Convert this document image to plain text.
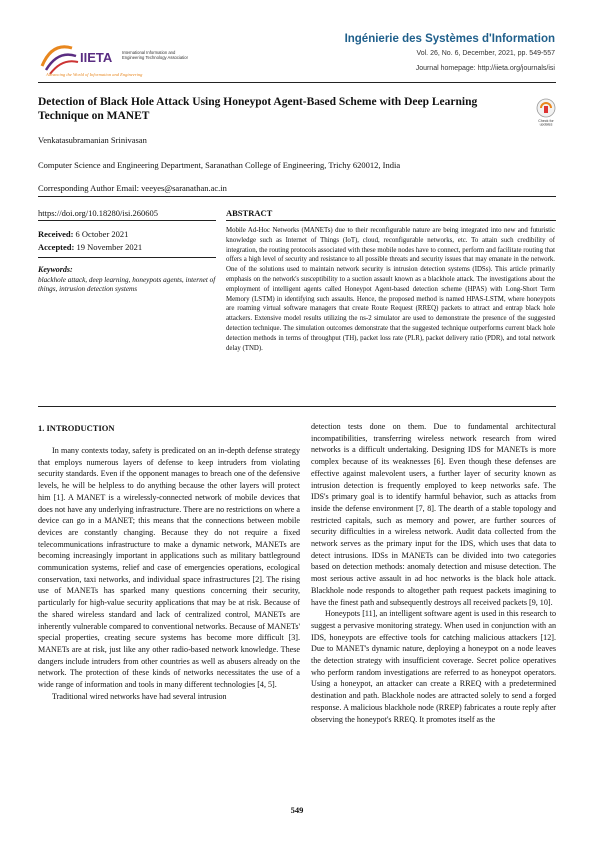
IIETA International Information and
Engineering Technology Association
Advancing the World of Information and Engineering
Ingénierie des Systèmes d'Information
Vol. 26, No. 6, December, 2021, pp. 549-557
Journal homepage: http://iieta.org/journals/isi
Detection of Black Hole Attack Using Honeypot Agent-Based Scheme with Deep Learning Technique on MANET	Check for
updates
Venkatasubramanian Srinivasan
Computer Science and Engineering Department, Saranathan College of Engineering, Trichy 620012, India
Corresponding Author Email: veeyes@saranathan.ac.in
https://doi.org/10.18280/isi.260605	ABSTRACT
Received: 6 October 2021
Accepted: 19 November 2021
Keywords:
blackhole attack, deep learning, honeypots agents, internet of things, intrusion detection systems
Mobile Ad-Hoc Networks (MANETs) due to their reconfigurable nature are being integrated into new and futuristic knowledge such as Internet of Things (IoT), cloud, reconfigurable networks, etc. To attain such credibility of integration, the routing protocols associated with these mobile nodes have to connect, perform and facilitate routing that offers a high level of security and resistance to all possible threats and security issues that may emanate in the network. One of the solutions used to maintain network security is intrusion detection systems (IDSs). This article primarily emphasis on the network's susceptibility to a suction assault known as a blackhole attack. The investigations about the employment of intelligent agents called Honeypot Agent-based detection scheme (HPAS) with Long-Short Term Memory (LSTM) in identifying such assaults. Hence, the proposed method is named HPAS-LSTM, where honeypots are roaming virtual software managers that create Route Request (RREQ) packets to attract and entrap black hole attackers. Extensive model results utilizing the ns-2 simulator are used to demonstrate the presence of the suggested detection technique. The simulation outcomes demonstrate that the suggested technique outperforms current black hole detection methods in terms of throughput (TH), packet loss rate (PLR), packet delivery ratio (PDR), and total network delay (TND).
1. INTRODUCTION

In many contexts today, safety is predicated on an in-depth defense strategy that employs numerous layers of defense to keep intruders from violating security standards. Even if the opponent manages to breach one of the defensive levels, he will be helpless to do anything because the other layers will protect him [1]. A MANET is a wirelessly-connected network of mobile devices that does not have any underlying infrastructure. There are no restrictions on where a device can go in a MANET; this means that the connections between mobile devices are constantly changing. Because they do not require a fixed telecommunications infrastructure to make a dynamic network, MANETs are becoming increasingly important in applications such as military battleground communication systems, relief and case of emergencies operations, ecological conservation, taxi networks, and individual space infrastructures [2]. The rising use of MANETs has sparked many questions concerning their security, particularly for high-value security applications that may be at risk. Because of the shared wireless standard and lack of centralized control, MANETs are inherently vulnerable compared to conventional networks. Because of MANETs' special properties, creating secure systems has become more difficult [3]. MANETs are at risk, just like any other radio-based network knowledge. These dangers include intruders from other countries as well as abusers already on the network. The protection of these kinds of networks necessitates the use of a wide range of information and tools in many different technologies [4, 5].

Traditional wired networks have had several intrusion

detection tests done on them. Due to fundamental architectural incompatibilities, transferring wireless network research from wired networks is a difficult undertaking. Designing IDS for MANETs is more complex because of its weaknesses [6]. Even though these defenses are effective against malevolent users, a further layer of security known as intrusion detection is frequently employed to keep networks safe. The IDS's primary goal is to identify harmful behavior, such as attacks from inside the defense environment [7, 8]. The dearth of a stable topology and restricted capitals, such as memory and power, are further sources of security difficulties in a wireless network. Audit data collected from the network serves as the primary input for the IDS, which uses that data to detect intrusions. IDSs in MANETs can be divided into two categories based on detection methods: anomaly detection and misuse detection. The most serious active assault in ad hoc networks is the black hole attack. Blackhole node responds to altogether path request packets imagining to have the finest path and subsequently destroys all received packets [9, 10].

Honeypots [11], an intelligent software agent is used in this research to suggest a pervasive monitoring strategy. When used in conjunction with an IDS, honeypots are effective tools for catching malicious attackers [12]. Due to MANET's dynamic nature, deploying a honeypot on a node leaves the detection strategy with insufficient coverage. Secret police operatives who perform random investigations are referred to as honeypot operators. Using a honeypot, an attacker can create a RREQ with a predetermined destination and path. Blackhole nodes are attracted solely to send a forged response. A malicious blackhole node (RREP) fabricates a route reply after observing the honeypot's RREQ. It promotes itself as the

549
